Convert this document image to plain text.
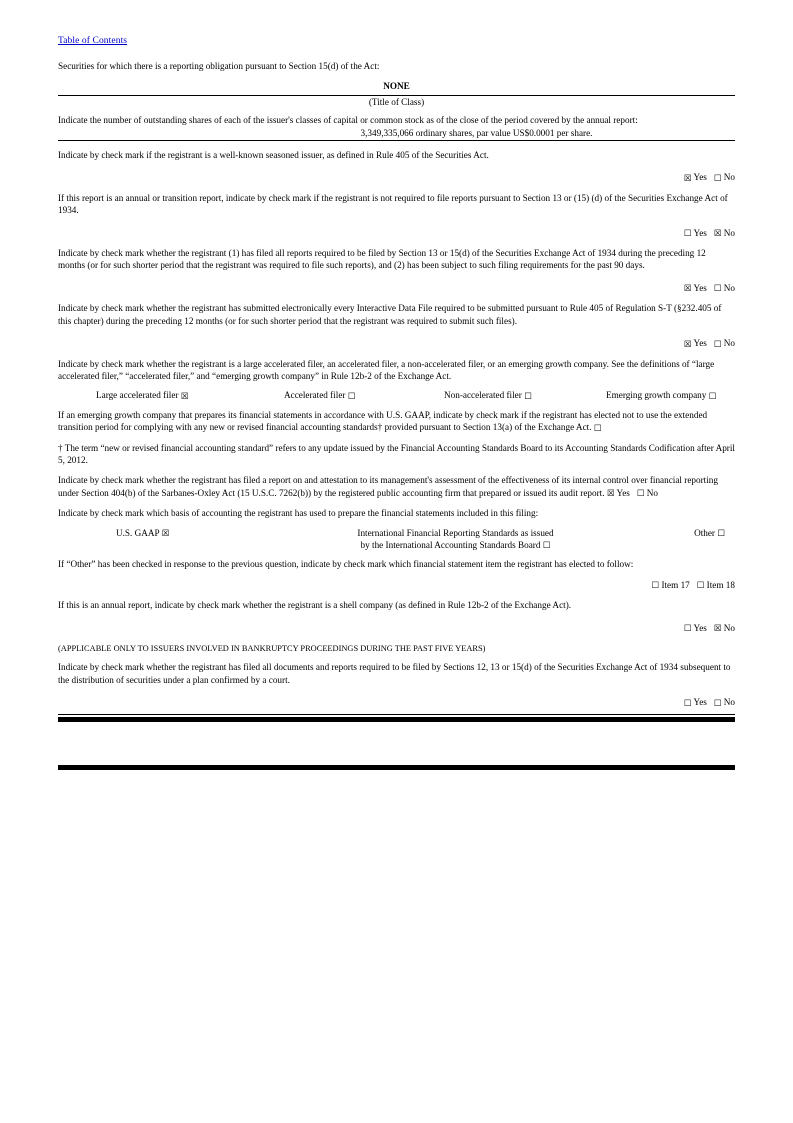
Table of Contents

Securities for which there is a reporting obligation pursuant to Section 15(d) of the Act:

NONE
(Title of Class)

Indicate the number of outstanding shares of each of the issuer's classes of capital or common stock as of the close of the period covered by the annual report:

3,349,335,066 ordinary shares, par value US$0.0001 per share.

Indicate by check mark if the registrant is a well-known seasoned issuer, as defined in Rule 405 of the Securities Act.

☒ Yes ☐ No

If this report is an annual or transition report, indicate by check mark if the registrant is not required to file reports pursuant to Section 13 or (15) (d) of the Securities Exchange Act of 1934.

☐ Yes ☒ No

Indicate by check mark whether the registrant (1) has filed all reports required to be filed by Section 13 or 15(d) of the Securities Exchange Act of 1934 during the preceding 12 months (or for such shorter period that the registrant was required to file such reports), and (2) has been subject to such filing requirements for the past 90 days.

☒ Yes ☐ No

Indicate by check mark whether the registrant has submitted electronically every Interactive Data File required to be submitted pursuant to Rule 405 of Regulation S-T (§232.405 of this chapter) during the preceding 12 months (or for such shorter period that the registrant was required to submit such files).

☒ Yes ☐ No

Indicate by check mark whether the registrant is a large accelerated filer, an accelerated filer, a non-accelerated filer, or an emerging growth company. See the definitions of “large accelerated filer,” “accelerated filer,” and “emerging growth company” in Rule 12b-2 of the Exchange Act.

Large accelerated filer ☒	Accelerated filer ☐	Non-accelerated filer ☐	Emerging growth company ☐

If an emerging growth company that prepares its financial statements in accordance with U.S. GAAP, indicate by check mark if the registrant has elected not to use the extended transition period for complying with any new or revised financial accounting standards† provided pursuant to Section 13(a) of the Exchange Act. ☐

† The term “new or revised financial accounting standard” refers to any update issued by the Financial Accounting Standards Board to its Accounting Standards Codification after April 5, 2012.

Indicate by check mark whether the registrant has filed a report on and attestation to its management's assessment of the effectiveness of its internal control over financial reporting under Section 404(b) of the Sarbanes-Oxley Act (15 U.S.C. 7262(b)) by the registered public accounting firm that prepared or issued its audit report. ☒ Yes ☐ No

Indicate by check mark which basis of accounting the registrant has used to prepare the financial statements included in this filing:

U.S. GAAP ☒	International Financial Reporting Standards as issued
by the International Accounting Standards Board ☐
Other ☐

If “Other” has been checked in response to the previous question, indicate by check mark which financial statement item the registrant has elected to follow:

☐ Item 17 ☐ Item 18

If this is an annual report, indicate by check mark whether the registrant is a shell company (as defined in Rule 12b-2 of the Exchange Act).

☐ Yes ☒ No

(APPLICABLE ONLY TO ISSUERS INVOLVED IN BANKRUPTCY PROCEEDINGS DURING THE PAST FIVE YEARS)

Indicate by check mark whether the registrant has filed all documents and reports required to be filed by Sections 12, 13 or 15(d) of the Securities Exchange Act of 1934 subsequent to the distribution of securities under a plan confirmed by a court.

☐ Yes ☐ No
